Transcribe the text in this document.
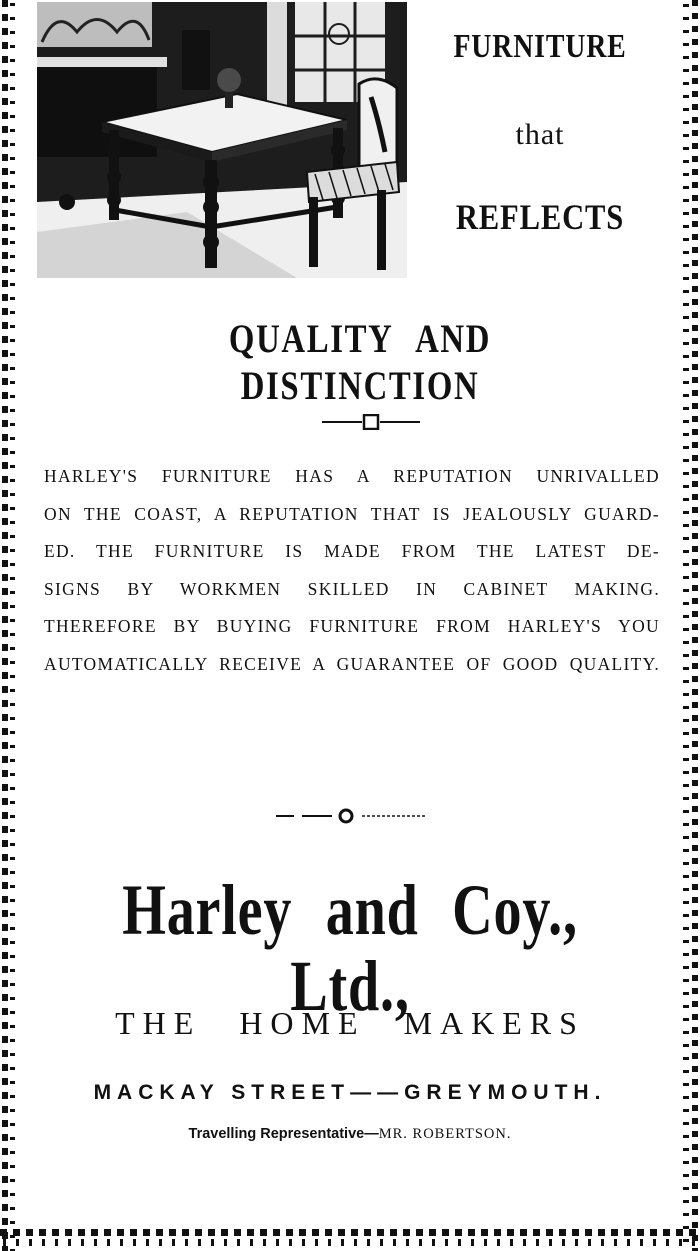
FURNITURE
that
REFLECTS
QUALITY AND DISTINCTION
HARLEY'S FURNITURE HAS A REPUTATION UNRIVALLED
ON THE COAST, A REPUTATION THAT IS JEALOUSLY GUARD-
ED. THE FURNITURE IS MADE FROM THE LATEST DE-
SIGNS BY WORKMEN SKILLED IN CABINET MAKING.
THEREFORE BY BUYING FURNITURE FROM HARLEY'S YOU
AUTOMATICALLY RECEIVE A GUARANTEE OF GOOD QUALITY.
Harley and Coy., Ltd.,
THE HOME MAKERS
MACKAY STREET——GREYMOUTH.
Travelling Representative—MR. ROBERTSON.
